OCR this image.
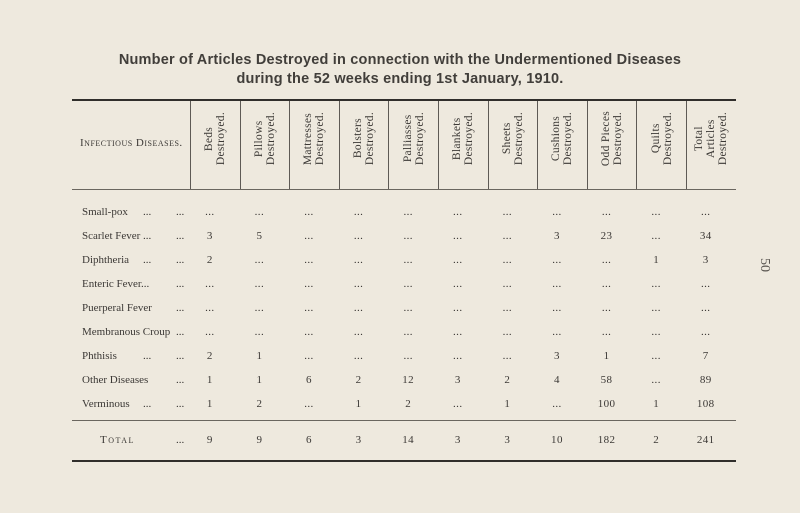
50
Number of Articles Destroyed in connection with the Undermentioned Diseases
during the 52 weeks ending 1st January, 1910.
Infectious Diseases.	Beds Destroyed. Pillows Destroyed. Mattresses Destroyed. Bolsters Destroyed. Palliasses Destroyed. Blankets Destroyed. Sheets Destroyed. Cushions Destroyed. Odd Pieces Destroyed. Quilts Destroyed. Total Articles Destroyed.
Small-pox ... ...	...	...	...	...	...	...	...	...	...	...	...
Scarlet Fever ... ...	3	5	...	...	...	...	...	3	23	...	34
Diphtheria ... ...	2	...	...	...	...	...	...	...	...	1	3
Enteric Fever... ...	...	...	...	...	...	...	...	...	...	...	...
Puerperal Fever ...	...	...	...	...	...	...	...	...	...	...	...
Membranous Croup ...	...	...	...	...	...	...	...	...	...	...	...
Phthisis ... ...	2	1	...	...	...	...	...	3	1	...	7
Other Diseases	...	1	1	6	2	12	3	2	4	58	...	89
Verminous ... ...	1	2	...	1	2	...	1	...	100	1	108
Total	...	9	9	6	3	14	3	3	10	182	2	241
